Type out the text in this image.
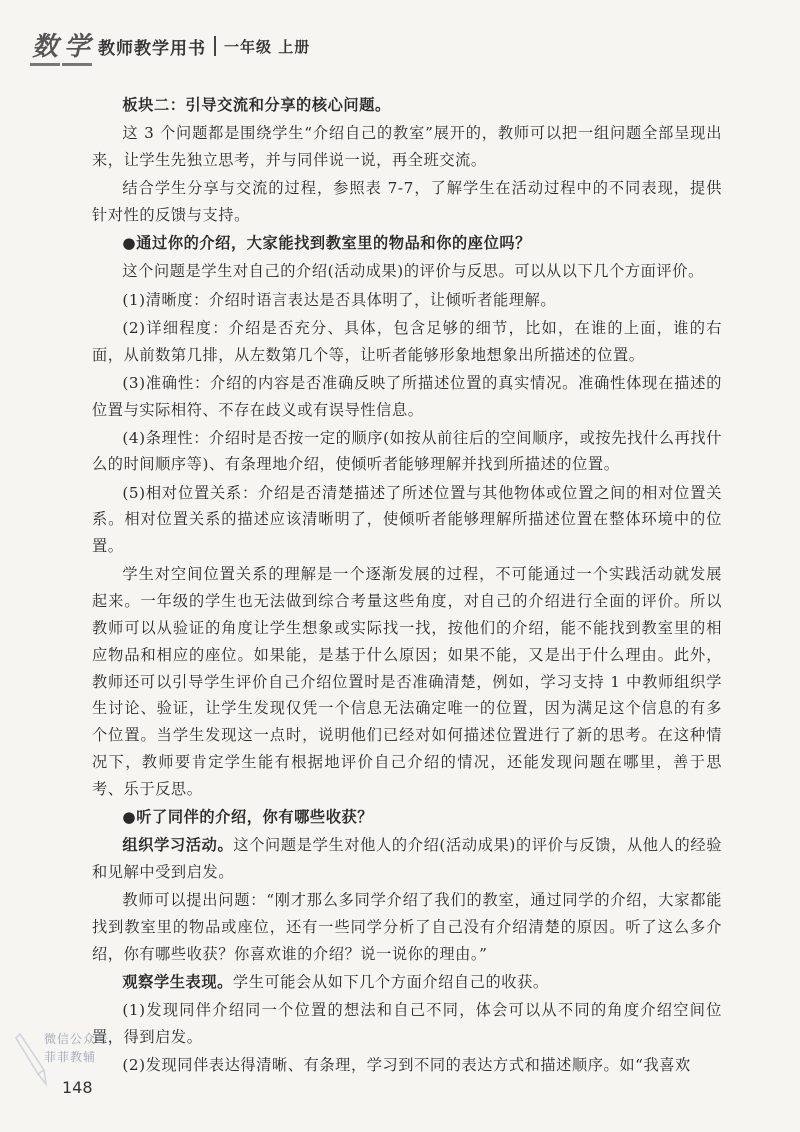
数 学 教师教学用书 一年级 上册

板块二：引导交流和分享的核心问题。

这 3 个问题都是围绕学生“介绍自己的教室”展开的，教师可以把一组问题全部呈现出来，让学生先独立思考，并与同伴说一说，再全班交流。

结合学生分享与交流的过程，参照表 7-7，了解学生在活动过程中的不同表现，提供针对性的反馈与支持。

●通过你的介绍，大家能找到教室里的物品和你的座位吗？

这个问题是学生对自己的介绍(活动成果)的评价与反思。可以从以下几个方面评价。

(1)清晰度：介绍时语言表达是否具体明了，让倾听者能理解。

(2)详细程度：介绍是否充分、具体，包含足够的细节，比如，在谁的上面，谁的右面，从前数第几排，从左数第几个等，让听者能够形象地想象出所描述的位置。

(3)准确性：介绍的内容是否准确反映了所描述位置的真实情况。准确性体现在描述的位置与实际相符、不存在歧义或有误导性信息。

(4)条理性：介绍时是否按一定的顺序(如按从前往后的空间顺序，或按先找什么再找什么的时间顺序等)、有条理地介绍，使倾听者能够理解并找到所描述的位置。

(5)相对位置关系：介绍是否清楚描述了所述位置与其他物体或位置之间的相对位置关系。相对位置关系的描述应该清晰明了，使倾听者能够理解所描述位置在整体环境中的位置。

学生对空间位置关系的理解是一个逐渐发展的过程，不可能通过一个实践活动就发展起来。一年级的学生也无法做到综合考量这些角度，对自己的介绍进行全面的评价。所以教师可以从验证的角度让学生想象或实际找一找，按他们的介绍，能不能找到教室里的相应物品和相应的座位。如果能，是基于什么原因；如果不能，又是出于什么理由。此外，教师还可以引导学生评价自己介绍位置时是否准确清楚，例如，学习支持 1 中教师组织学生讨论、验证，让学生发现仅凭一个信息无法确定唯一的位置，因为满足这个信息的有多个位置。当学生发现这一点时，说明他们已经对如何描述位置进行了新的思考。在这种情况下，教师要肯定学生能有根据地评价自己介绍的情况，还能发现问题在哪里，善于思考、乐于反思。

●听了同伴的介绍，你有哪些收获？

组织学习活动。这个问题是学生对他人的介绍(活动成果)的评价与反馈，从他人的经验和见解中受到启发。

教师可以提出问题：“刚才那么多同学介绍了我们的教室，通过同学的介绍，大家都能找到教室里的物品或座位，还有一些同学分析了自己没有介绍清楚的原因。听了这么多介绍，你有哪些收获？你喜欢谁的介绍？说一说你的理由。”

观察学生表现。学生可能会从如下几个方面介绍自己的收获。

(1)发现同伴介绍同一个位置的想法和自己不同，体会可以从不同的角度介绍空间位置，得到启发。

(2)发现同伴表达得清晰、有条理，学习到不同的表达方式和描述顺序。如“我喜欢

微信公众号
菲菲教辅
148
